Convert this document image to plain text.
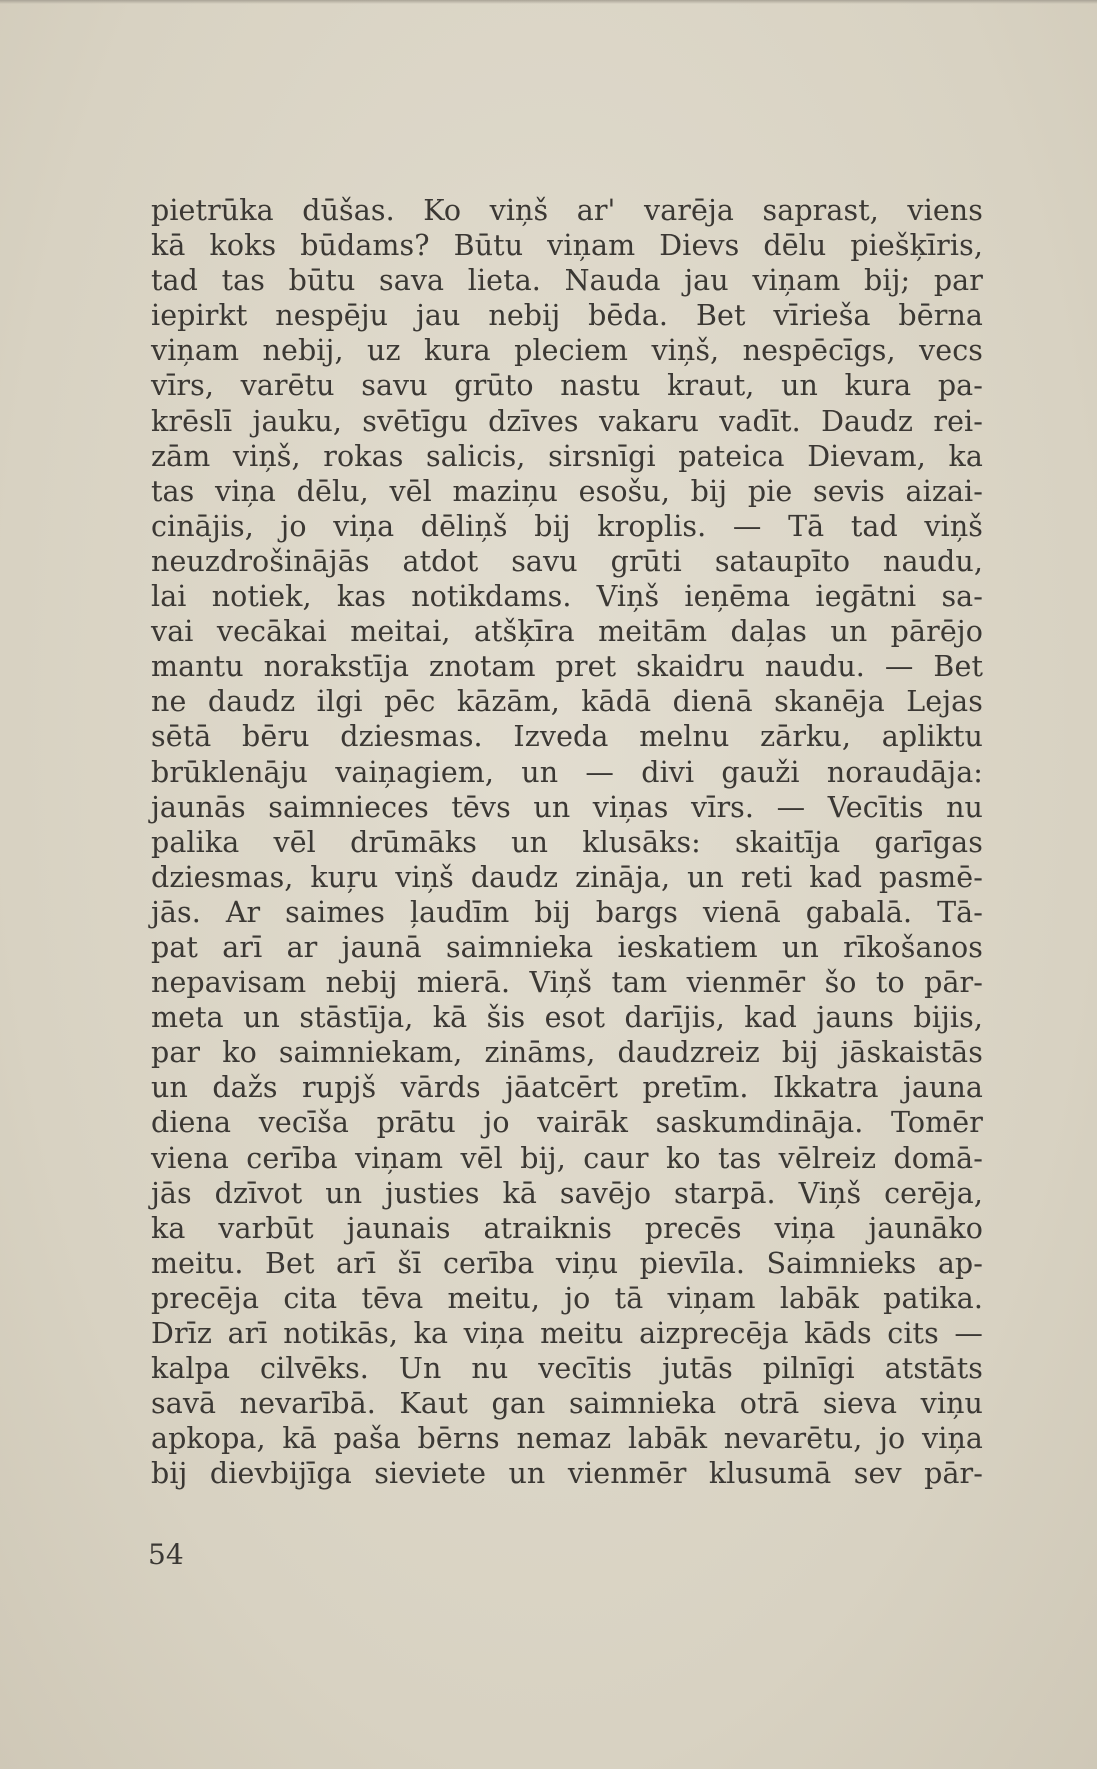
pietrūka dūšas. Ko viņš ar' varēja saprast, viens
kā koks būdams? Būtu viņam Dievs dēlu piešķīris,
tad tas būtu sava lieta. Nauda jau viņam bij; par
iepirkt nespēju jau nebij bēda. Bet vīrieša bērna
viņam nebij, uz kura pleciem viņš, nespēcīgs, vecs
vīrs, varētu savu grūto nastu kraut, un kura pa-
krēslī jauku, svētīgu dzīves vakaru vadīt. Daudz rei-
zām viņš, rokas salicis, sirsnīgi pateica Dievam, ka
tas viņa dēlu, vēl maziņu esošu, bij pie sevis aizai-
cinājis, jo viņa dēliņš bij kroplis. — Tā tad viņš
neuzdrošinājās atdot savu grūti sataupīto naudu,
lai notiek, kas notikdams. Viņš ieņēma iegātni sa-
vai vecākai meitai, atšķīra meitām daļas un pārējo
mantu norakstīja znotam pret skaidru naudu. — Bet
ne daudz ilgi pēc kāzām, kādā dienā skanēja Lejas
sētā bēru dziesmas. Izveda melnu zārku, apliktu
brūklenāju vaiņagiem, un — divi gauži noraudāja:
jaunās saimnieces tēvs un viņas vīrs. — Vecītis nu
palika vēl drūmāks un klusāks: skaitīja garīgas
dziesmas, kuŗu viņš daudz zināja, un reti kad pasmē-
jās. Ar saimes ļaudīm bij bargs vienā gabalā. Tā-
pat arī ar jaunā saimnieka ieskatiem un rīkošanos
nepavisam nebij mierā. Viņš tam vienmēr šo to pār-
meta un stāstīja, kā šis esot darījis, kad jauns bijis,
par ko saimniekam, zināms, daudzreiz bij jāskaistās
un dažs rupjš vārds jāatcērt pretīm. Ikkatra jauna
diena vecīša prātu jo vairāk saskumdināja. Tomēr
viena cerība viņam vēl bij, caur ko tas vēlreiz domā-
jās dzīvot un justies kā savējo starpā. Viņš cerēja,
ka varbūt jaunais atraiknis precēs viņa jaunāko
meitu. Bet arī šī cerība viņu pievīla. Saimnieks ap-
precēja cita tēva meitu, jo tā viņam labāk patika.
Drīz arī notikās, ka viņa meitu aizprecēja kāds cits —
kalpa cilvēks. Un nu vecītis jutās pilnīgi atstāts
savā nevarībā. Kaut gan saimnieka otrā sieva viņu
apkopa, kā paša bērns nemaz labāk nevarētu, jo viņa
bij dievbijīga sieviete un vienmēr klusumā sev pār-
54
